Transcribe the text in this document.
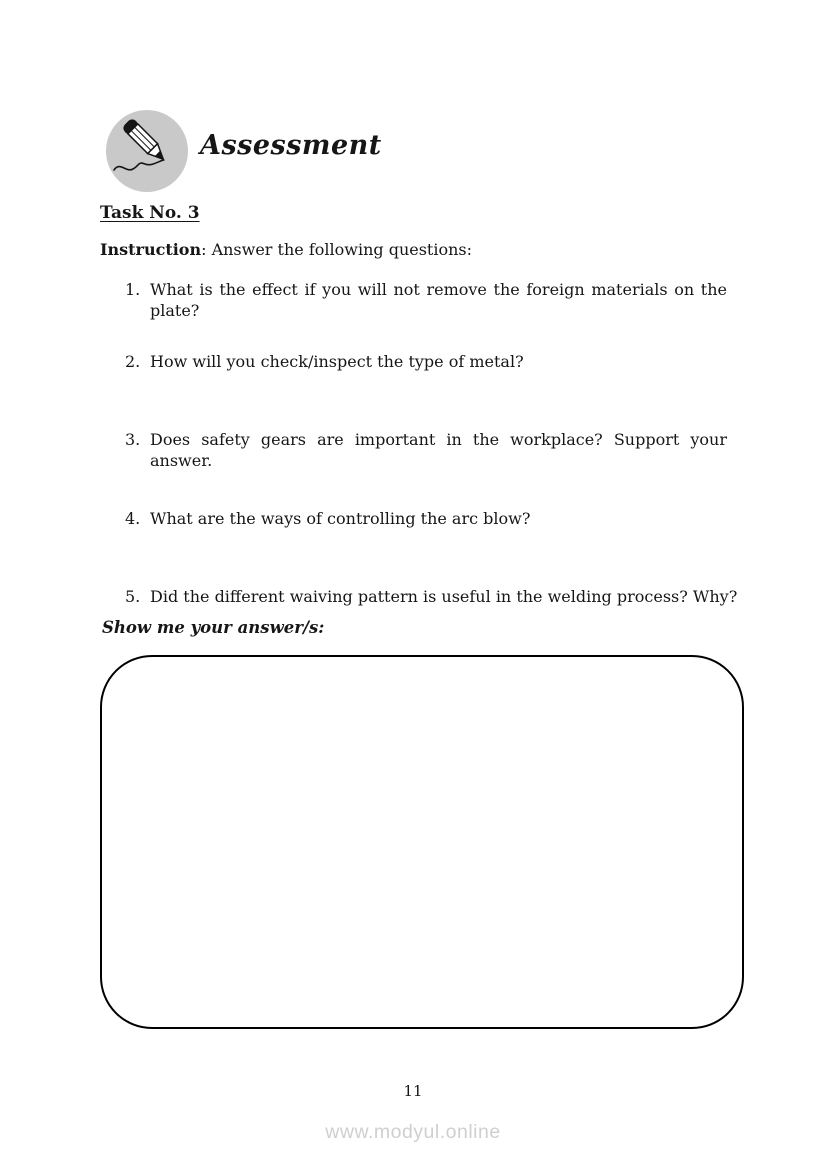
Assessment
Task No. 3
Instruction: Answer the following questions:
1. What is the effect if you will not remove the foreign materials on the plate?
2. How will you check/inspect the type of metal?
3. Does safety gears are important in the workplace? Support your answer.
4. What are the ways of controlling the arc blow?
5. Did the different waiving pattern is useful in the welding process? Why?
Show me your answer/s:
11
www.modyul.online
